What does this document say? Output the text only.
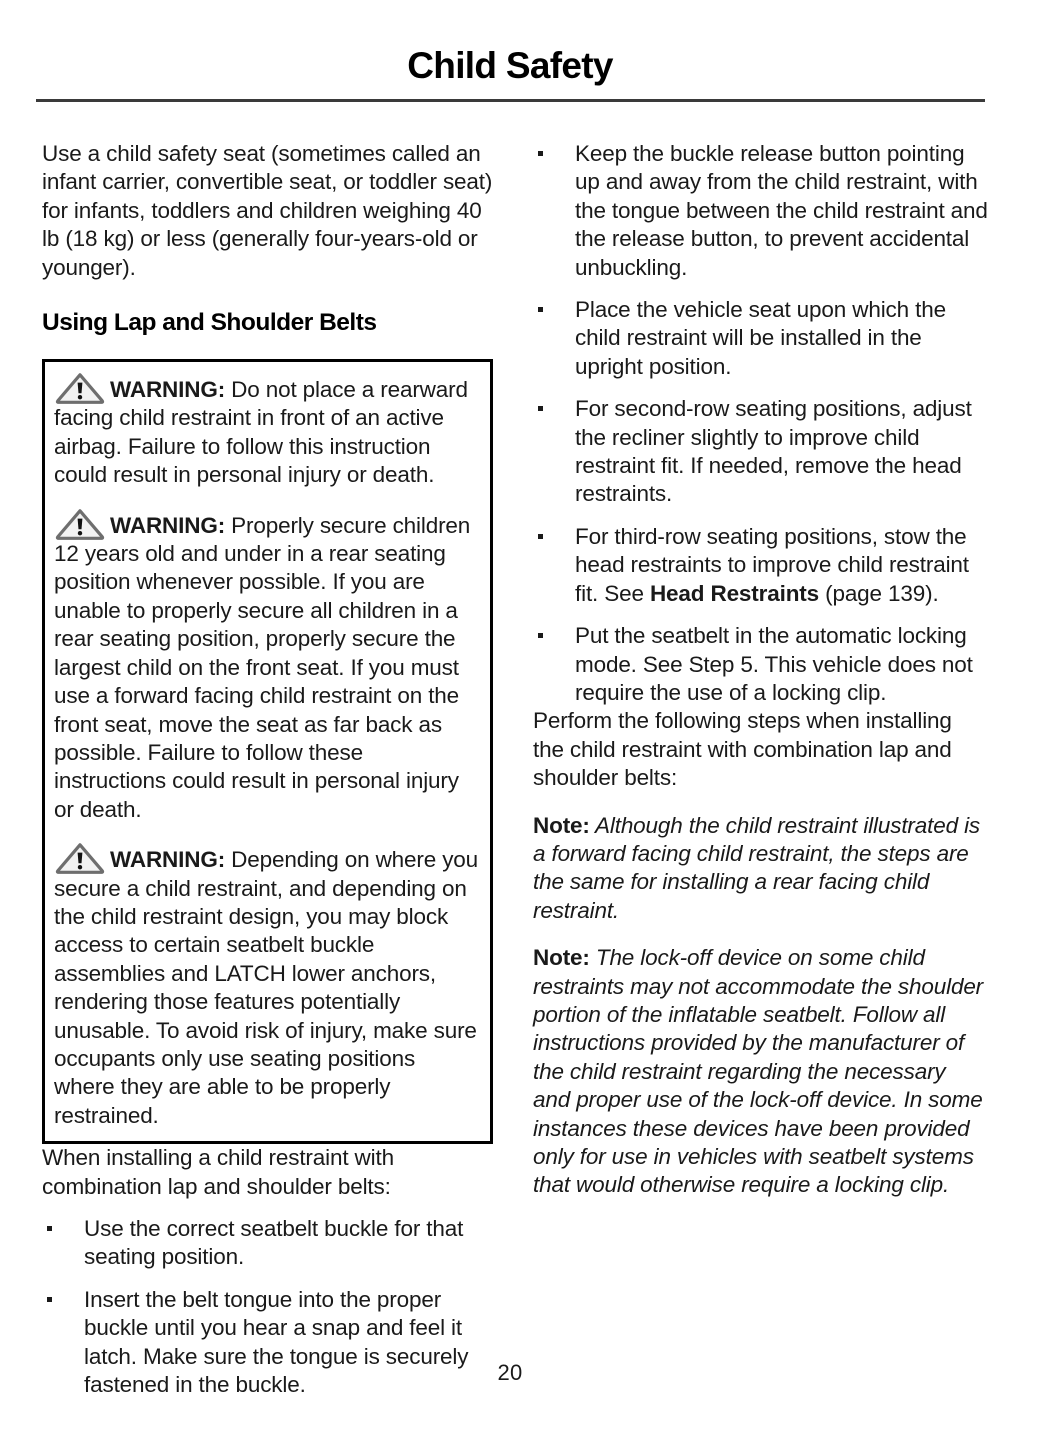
Child Safety

Use a child safety seat (sometimes called an infant carrier, convertible seat, or toddler seat) for infants, toddlers and children weighing 40 lb (18 kg) or less (generally four-years-old or younger).

Using Lap and Shoulder Belts
WARNING: Do not place a rearward facing child restraint in front of an active airbag. Failure to follow this instruction could result in personal injury or death.
WARNING: Properly secure children 12 years old and under in a rear seating position whenever possible. If you are unable to properly secure all children in a rear seating position, properly secure the largest child on the front seat. If you must use a forward facing child restraint on the front seat, move the seat as far back as possible. Failure to follow these instructions could result in personal injury or death.
WARNING: Depending on where you secure a child restraint, and depending on the child restraint design, you may block access to certain seatbelt buckle assemblies and LATCH lower anchors, rendering those features potentially unusable. To avoid risk of injury, make sure occupants only use seating positions where they are able to be properly restrained.

When installing a child restraint with combination lap and shoulder belts:

Use the correct seatbelt buckle for that seating position.
Insert the belt tongue into the proper buckle until you hear a snap and feel it latch. Make sure the tongue is securely fastened in the buckle.
Keep the buckle release button pointing up and away from the child restraint, with the tongue between the child restraint and the release button, to prevent accidental unbuckling.
Place the vehicle seat upon which the child restraint will be installed in the upright position.
For second-row seating positions, adjust the recliner slightly to improve child restraint fit. If needed, remove the head restraints.
For third-row seating positions, stow the head restraints to improve child restraint fit. See Head Restraints (page 139).
Put the seatbelt in the automatic locking mode. See Step 5. This vehicle does not require the use of a locking clip.

Perform the following steps when installing the child restraint with combination lap and shoulder belts:

Note: Although the child restraint illustrated is a forward facing child restraint, the steps are the same for installing a rear facing child restraint.

Note: The lock-off device on some child restraints may not accommodate the shoulder portion of the inflatable seatbelt. Follow all instructions provided by the manufacturer of the child restraint regarding the necessary and proper use of the lock-off device. In some instances these devices have been provided only for use in vehicles with seatbelt systems that would otherwise require a locking clip.

20
